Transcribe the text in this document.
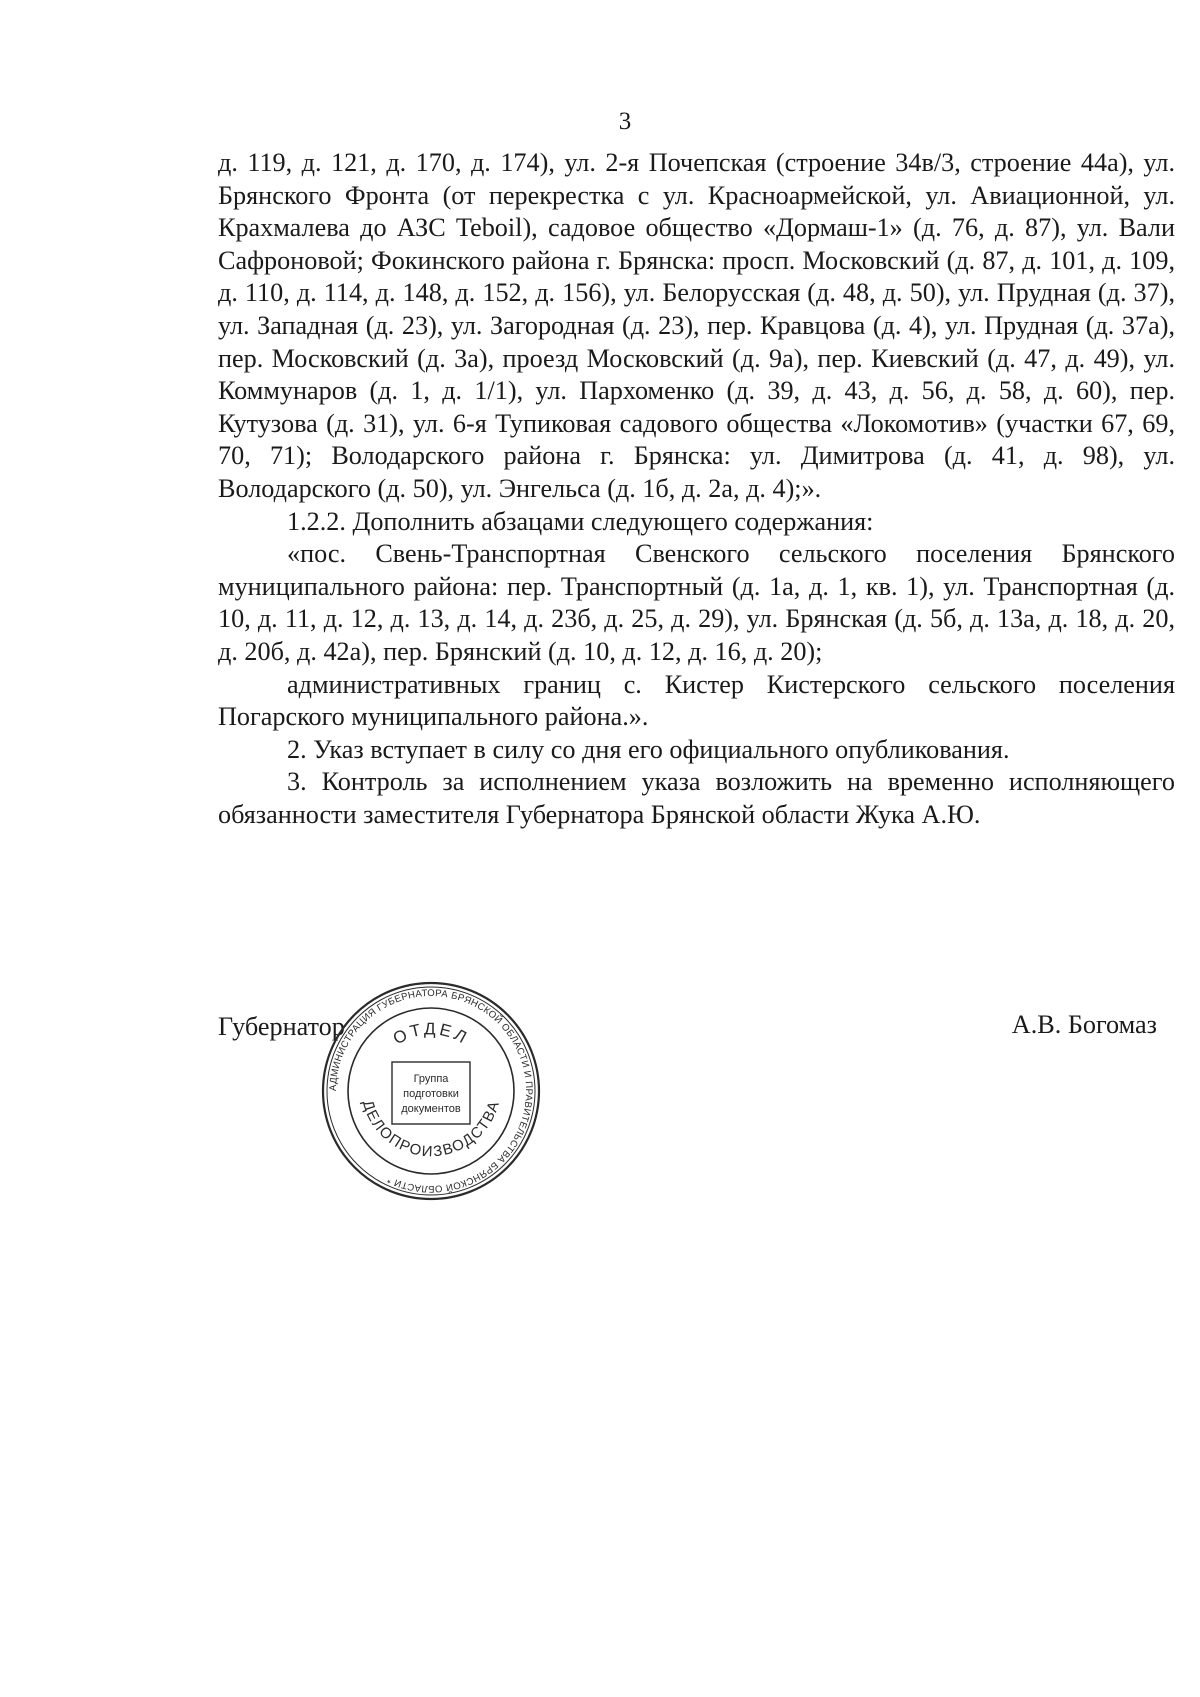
3

д. 119, д. 121, д. 170, д. 174), ул. 2-я Почепская (строение 34в/3, строение 44а), ул. Брянского Фронта (от перекрестка с ул. Красноармейской, ул. Авиационной, ул. Крахмалева до АЗС Teboil), садовое общество «Дормаш-1» (д. 76, д. 87), ул. Вали Сафроновой; Фокинского района г. Брянска: просп. Московский (д. 87, д. 101, д. 109, д. 110, д. 114, д. 148, д. 152, д. 156), ул. Белорусская (д. 48, д. 50), ул. Прудная (д. 37), ул. Западная (д. 23), ул. Загородная (д. 23), пер. Кравцова (д. 4), ул. Прудная (д. 37а), пер. Московский (д. 3а), проезд Московский (д. 9а), пер. Киевский (д. 47, д. 49), ул. Коммунаров (д. 1, д. 1/1), ул. Пархоменко (д. 39, д. 43, д. 56, д. 58, д. 60), пер. Кутузова (д. 31), ул. 6-я Тупиковая садового общества «Локомотив» (участки 67, 69, 70, 71); Володарского района г. Брянска: ул. Димитрова (д. 41, д. 98), ул. Володарского (д. 50), ул. Энгельса (д. 1б, д. 2а, д. 4);».

1.2.2. Дополнить абзацами следующего содержания:

«пос. Свень-Транспортная Свенского сельского поселения Брянского муниципального района: пер. Транспортный (д. 1а, д. 1, кв. 1), ул. Транспортная (д. 10, д. 11, д. 12, д. 13, д. 14, д. 23б, д. 25, д. 29), ул. Брянская (д. 5б, д. 13а, д. 18, д. 20, д. 20б, д. 42а), пер. Брянский (д. 10, д. 12, д. 16, д. 20);

административных границ с. Кистер Кистерского сельского поселения Погарского муниципального района.».

2. Указ вступает в силу со дня его официального опубликования.

3. Контроль за исполнением указа возложить на временно исполняющего обязанности заместителя Губернатора Брянской области Жука А.Ю.

Губернатор	А.В. Богомаз
АДМИНИСТРАЦИЯ ГУБЕРНАТОРА БРЯНСКОЙ ОБЛАСТИ И ПРАВИТЕЛЬСТВА БРЯНСКОЙ ОБЛАСТИ *
ОТДЕЛ
ДЕЛОПРОИЗВОДСТВА
Группа
подготовки
документов
